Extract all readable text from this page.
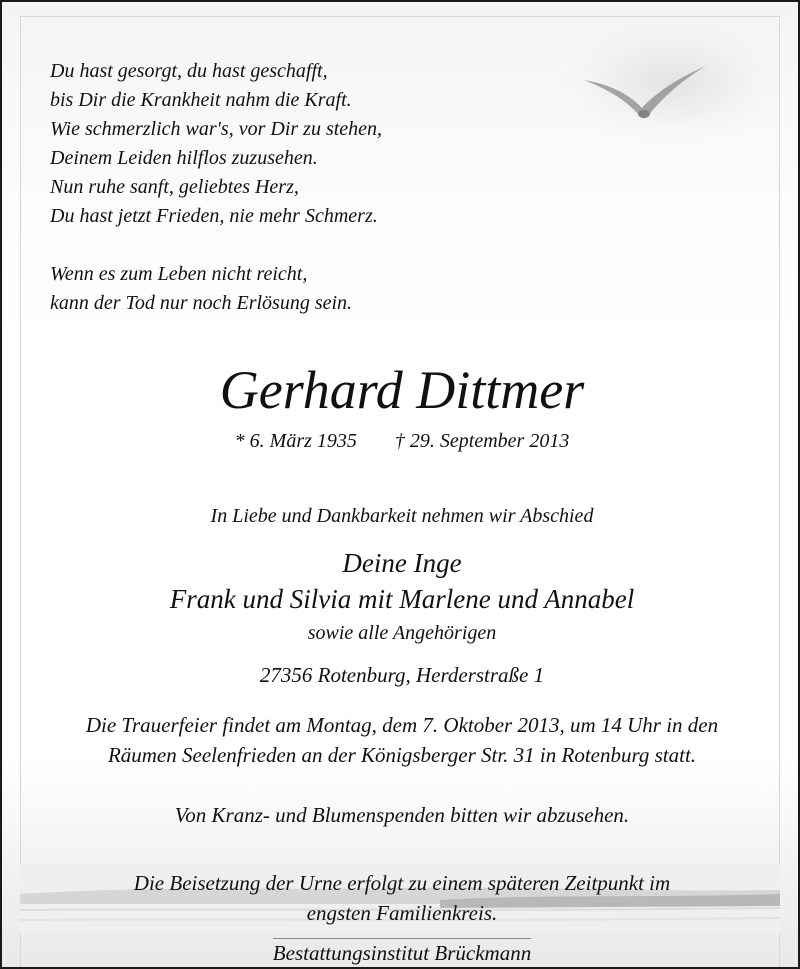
Du hast gesorgt, du hast geschafft,
bis Dir die Krankheit nahm die Kraft.
Wie schmerzlich war's, vor Dir zu stehen,
Deinem Leiden hilflos zuzusehen.
Nun ruhe sanft, geliebtes Herz,
Du hast jetzt Frieden, nie mehr Schmerz.
Wenn es zum Leben nicht reicht,
kann der Tod nur noch Erlösung sein.
Gerhard Dittmer
* 6. März 1935 † 29. September 2013
In Liebe und Dankbarkeit nehmen wir Abschied
Deine Inge
Frank und Silvia mit Marlene und Annabel
sowie alle Angehörigen
27356 Rotenburg, Herderstraße 1
Die Trauerfeier findet am Montag, dem 7. Oktober 2013, um 14 Uhr in den
Räumen Seelenfrieden an der Königsberger Str. 31 in Rotenburg statt.
Von Kranz- und Blumenspenden bitten wir abzusehen.
Die Beisetzung der Urne erfolgt zu einem späteren Zeitpunkt im
engsten Familienkreis.
Bestattungsinstitut Brückmann
